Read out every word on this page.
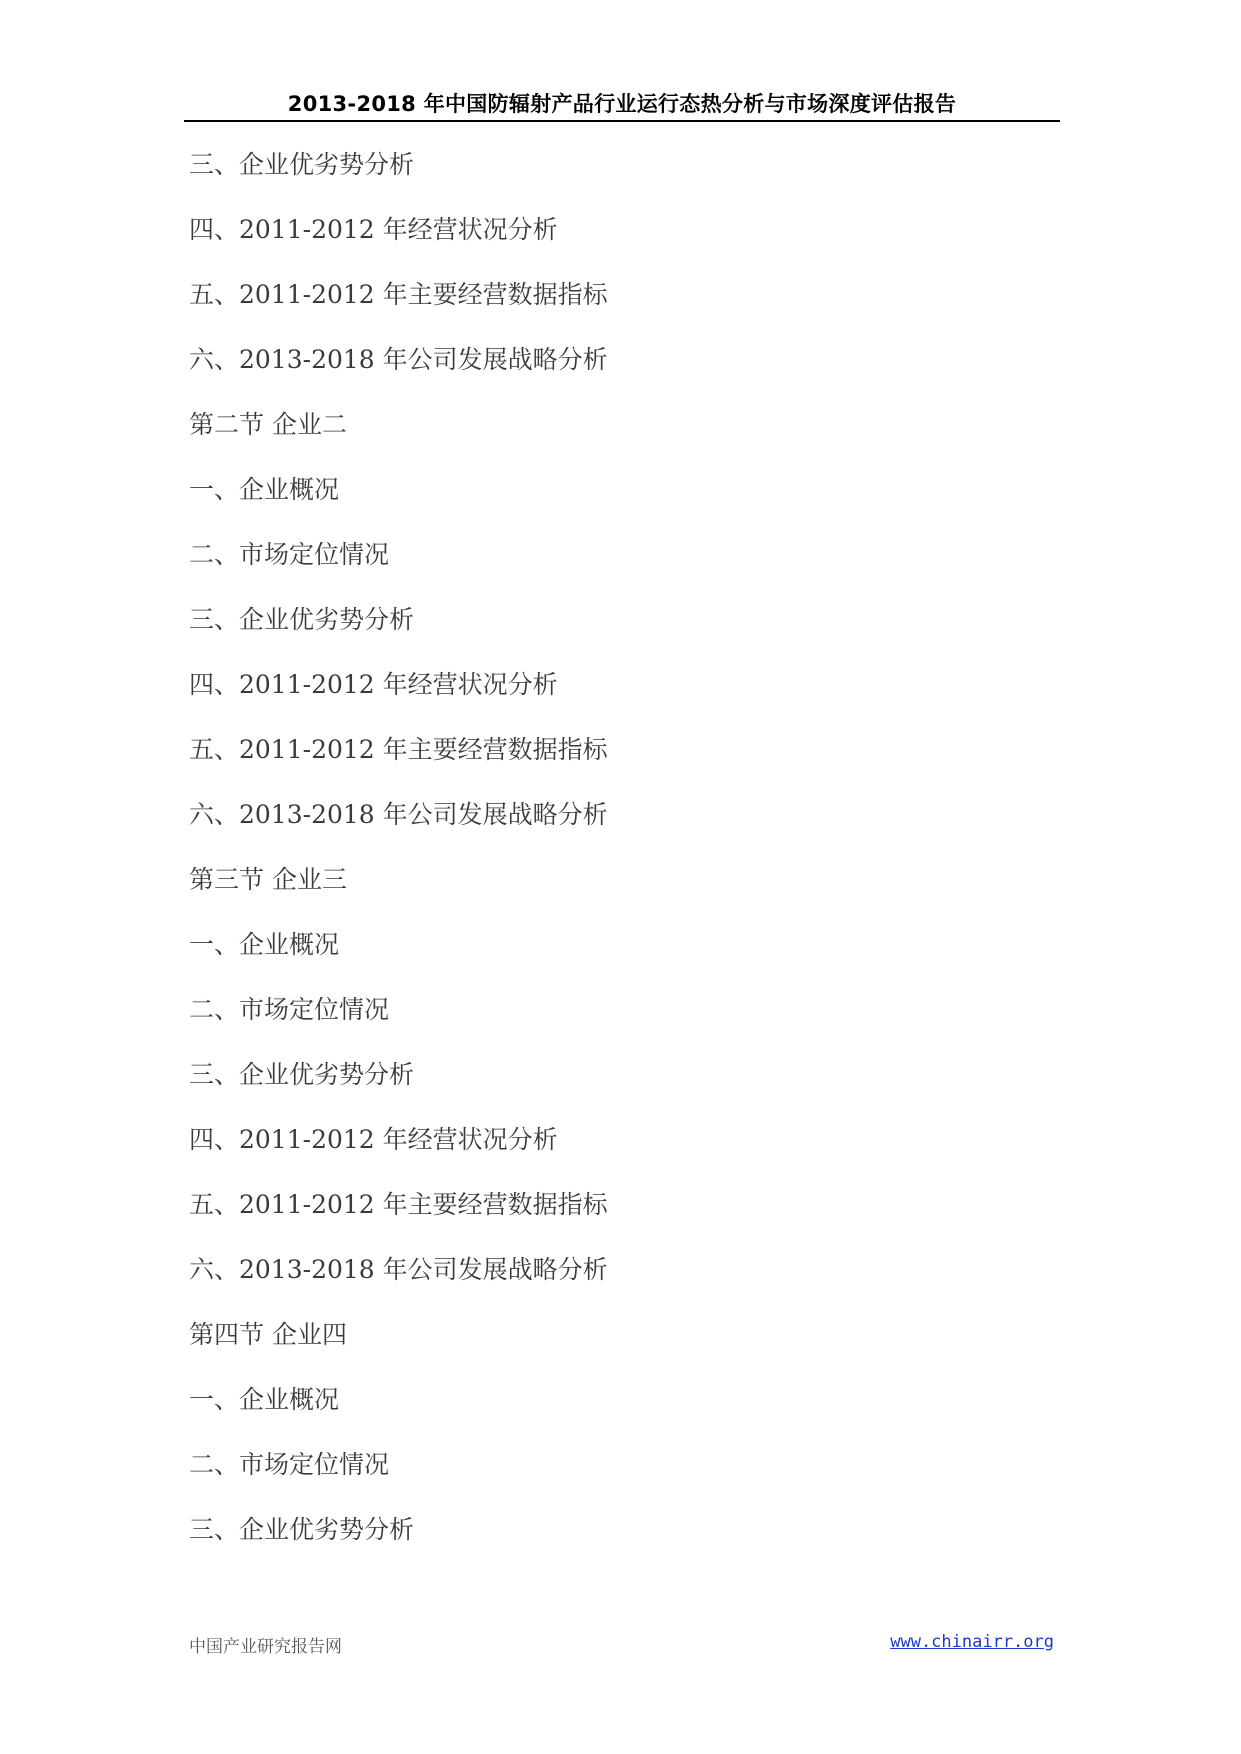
2013-2018 年中国防辐射产品行业运行态热分析与市场深度评估报告
三、企业优劣势分析
四、2011-2012 年经营状况分析
五、2011-2012 年主要经营数据指标
六、2013-2018 年公司发展战略分析
第二节 企业二
一、企业概况
二、市场定位情况
三、企业优劣势分析
四、2011-2012 年经营状况分析
五、2011-2012 年主要经营数据指标
六、2013-2018 年公司发展战略分析
第三节 企业三
一、企业概况
二、市场定位情况
三、企业优劣势分析
四、2011-2012 年经营状况分析
五、2011-2012 年主要经营数据指标
六、2013-2018 年公司发展战略分析
第四节 企业四
一、企业概况
二、市场定位情况
三、企业优劣势分析
中国产业研究报告网	www.chinairr.org
